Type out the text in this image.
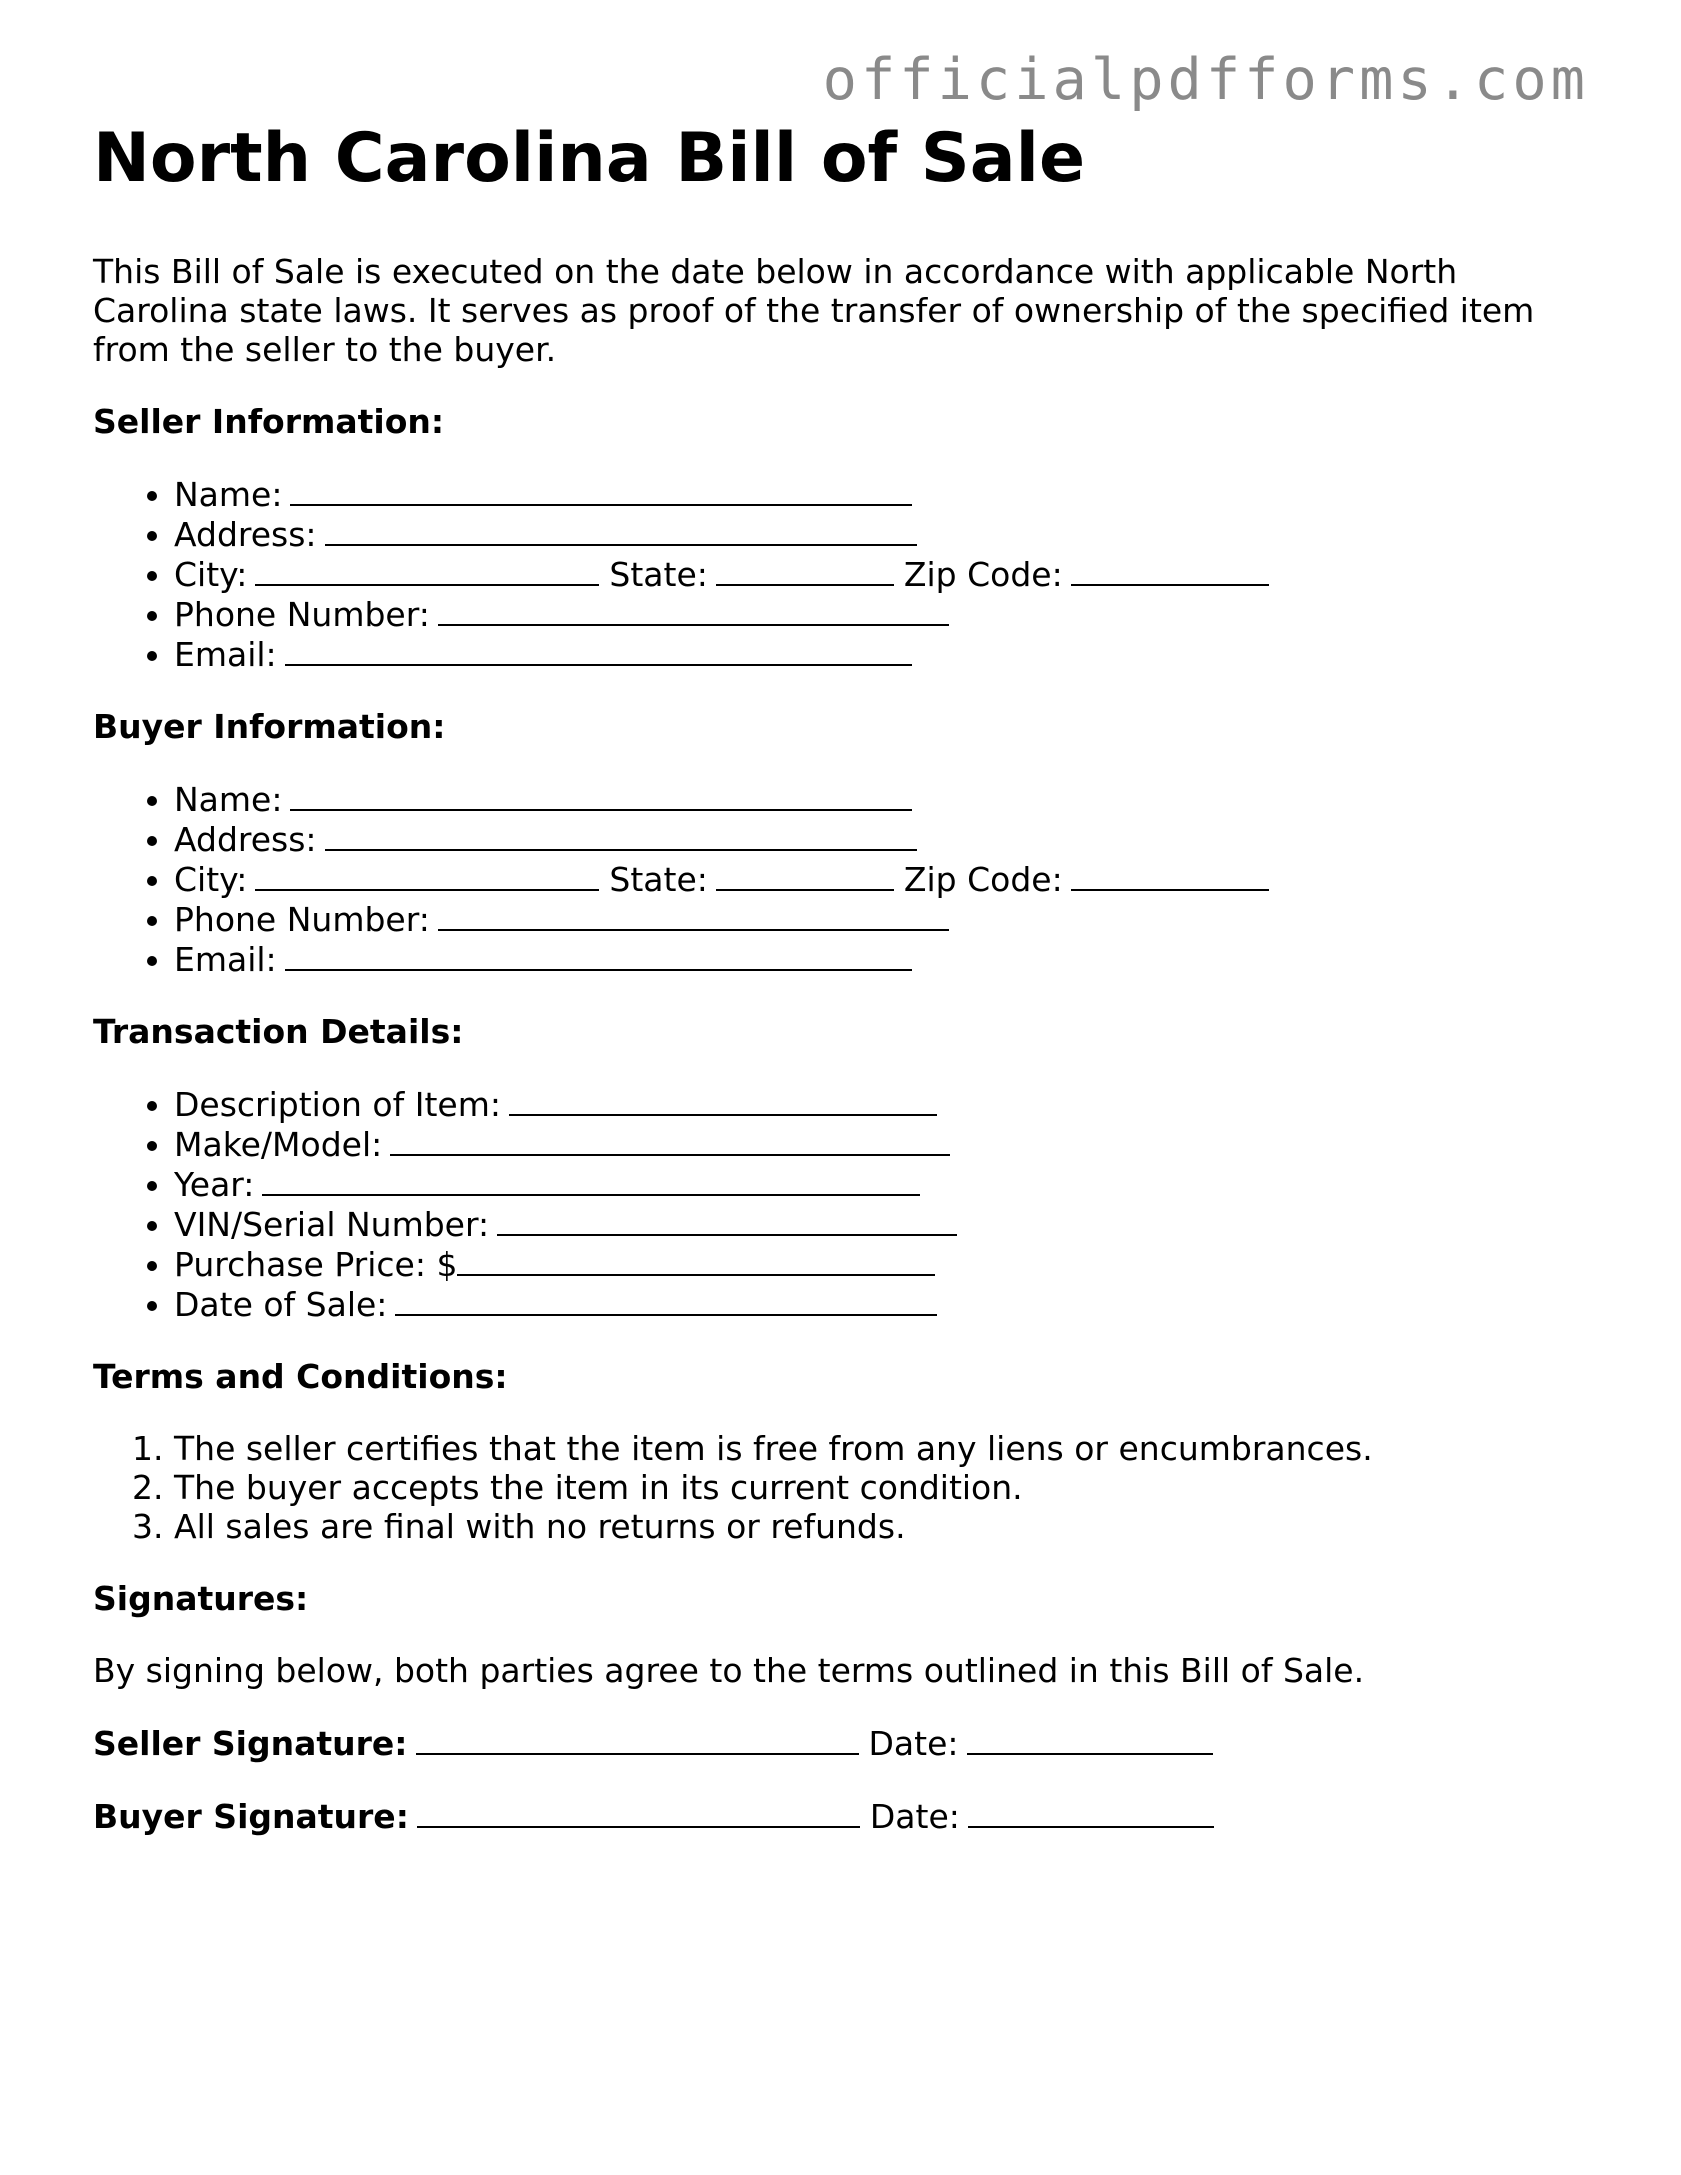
officialpdfforms.com
North Carolina Bill of Sale

This Bill of Sale is executed on the date below in accordance with applicable North Carolina state laws. It serves as proof of the transfer of ownership of the specified item from the seller to the buyer.

Seller Information:
• Name:
• Address:
• City:	State:	Zip Code:
• Phone Number:
• Email:
Buyer Information:
• Name:
• Address:
• City:	State:	Zip Code:
• Phone Number:
• Email:
Transaction Details:
• Description of Item:
• Make/Model:
• Year:
• VIN/Serial Number:
• Purchase Price: $
• Date of Sale:
Terms and Conditions:
1. The seller certifies that the item is free from any liens or encumbrances.
2. The buyer accepts the item in its current condition.
3. All sales are final with no returns or refunds.
Signatures:

By signing below, both parties agree to the terms outlined in this Bill of Sale.

Seller Signature:	Date:
Buyer Signature:	Date:
